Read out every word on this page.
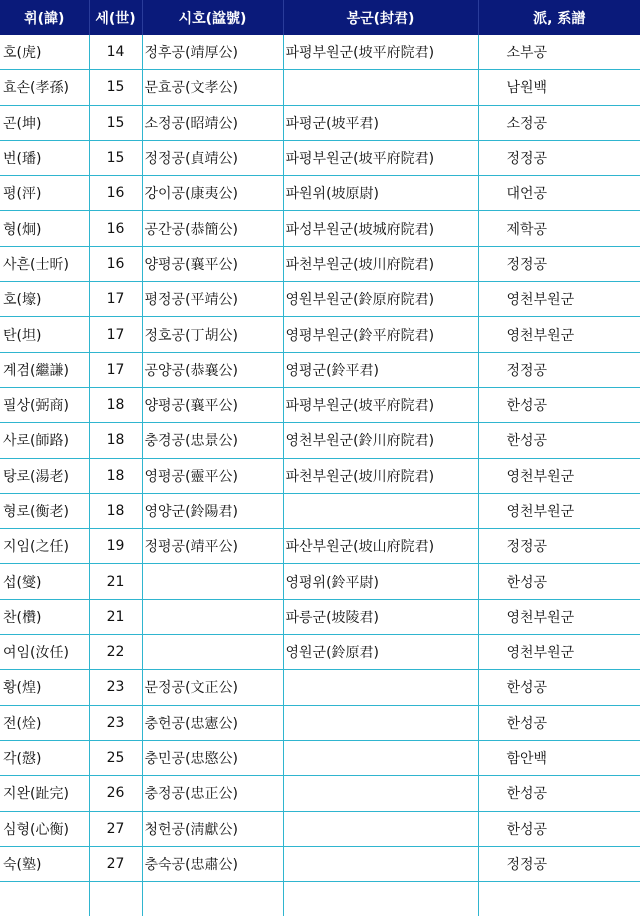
휘(諱)	세(世)	시호(諡號)	봉군(封君)	派, 系譜
호(虎)	14	정후공(靖厚公)	파평부원군(坡平府院君)	소부공
효손(孝孫)	15	문효공(文孝公)		남원백
곤(坤)	15	소정공(昭靖公)	파평군(坡平君)	소정공
번(璠)	15	정정공(貞靖公)	파평부원군(坡平府院君)	정정공
평(泙)	16	강이공(康夷公)	파원위(坡原尉)	대언공
형(炯)	16	공간공(恭簡公)	파성부원군(坡城府院君)	제학공
사흔(士昕)	16	양평공(襄平公)	파천부원군(坡川府院君)	정정공
호(壕)	17	평정공(平靖公)	영원부원군(鈴原府院君)	영천부원군
탄(坦)	17	정호공(丁胡公)	영평부원군(鈴平府院君)	영천부원군
계겸(繼謙)	17	공양공(恭襄公)	영평군(鈴平君)	정정공
필상(弼商)	18	양평공(襄平公)	파평부원군(坡平府院君)	한성공
사로(師路)	18	충경공(忠景公)	영천부원군(鈴川府院君)	한성공
탕로(湯老)	18	영평공(靈平公)	파천부원군(坡川府院君)	영천부원군
형로(衡老)	18	영양군(鈴陽君)		영천부원군
지임(之任)	19	정평공(靖平公)	파산부원군(坡山府院君)	정정공
섭(燮)	21		영평위(鈴平尉)	한성공
찬(欑)	21		파릉군(坡陵君)	영천부원군
여임(汝任)	22		영원군(鈴原君)	영천부원군
황(煌)	23	문정공(文正公)		한성공
전(烇)	23	충헌공(忠憲公)		한성공
각(慤)	25	충민공(忠愍公)		함안백
지완(趾完)	26	충정공(忠正公)		한성공
심형(心衡)	27	청헌공(淸獻公)		한성공
숙(塾)	27	충숙공(忠肅公)		정정공
